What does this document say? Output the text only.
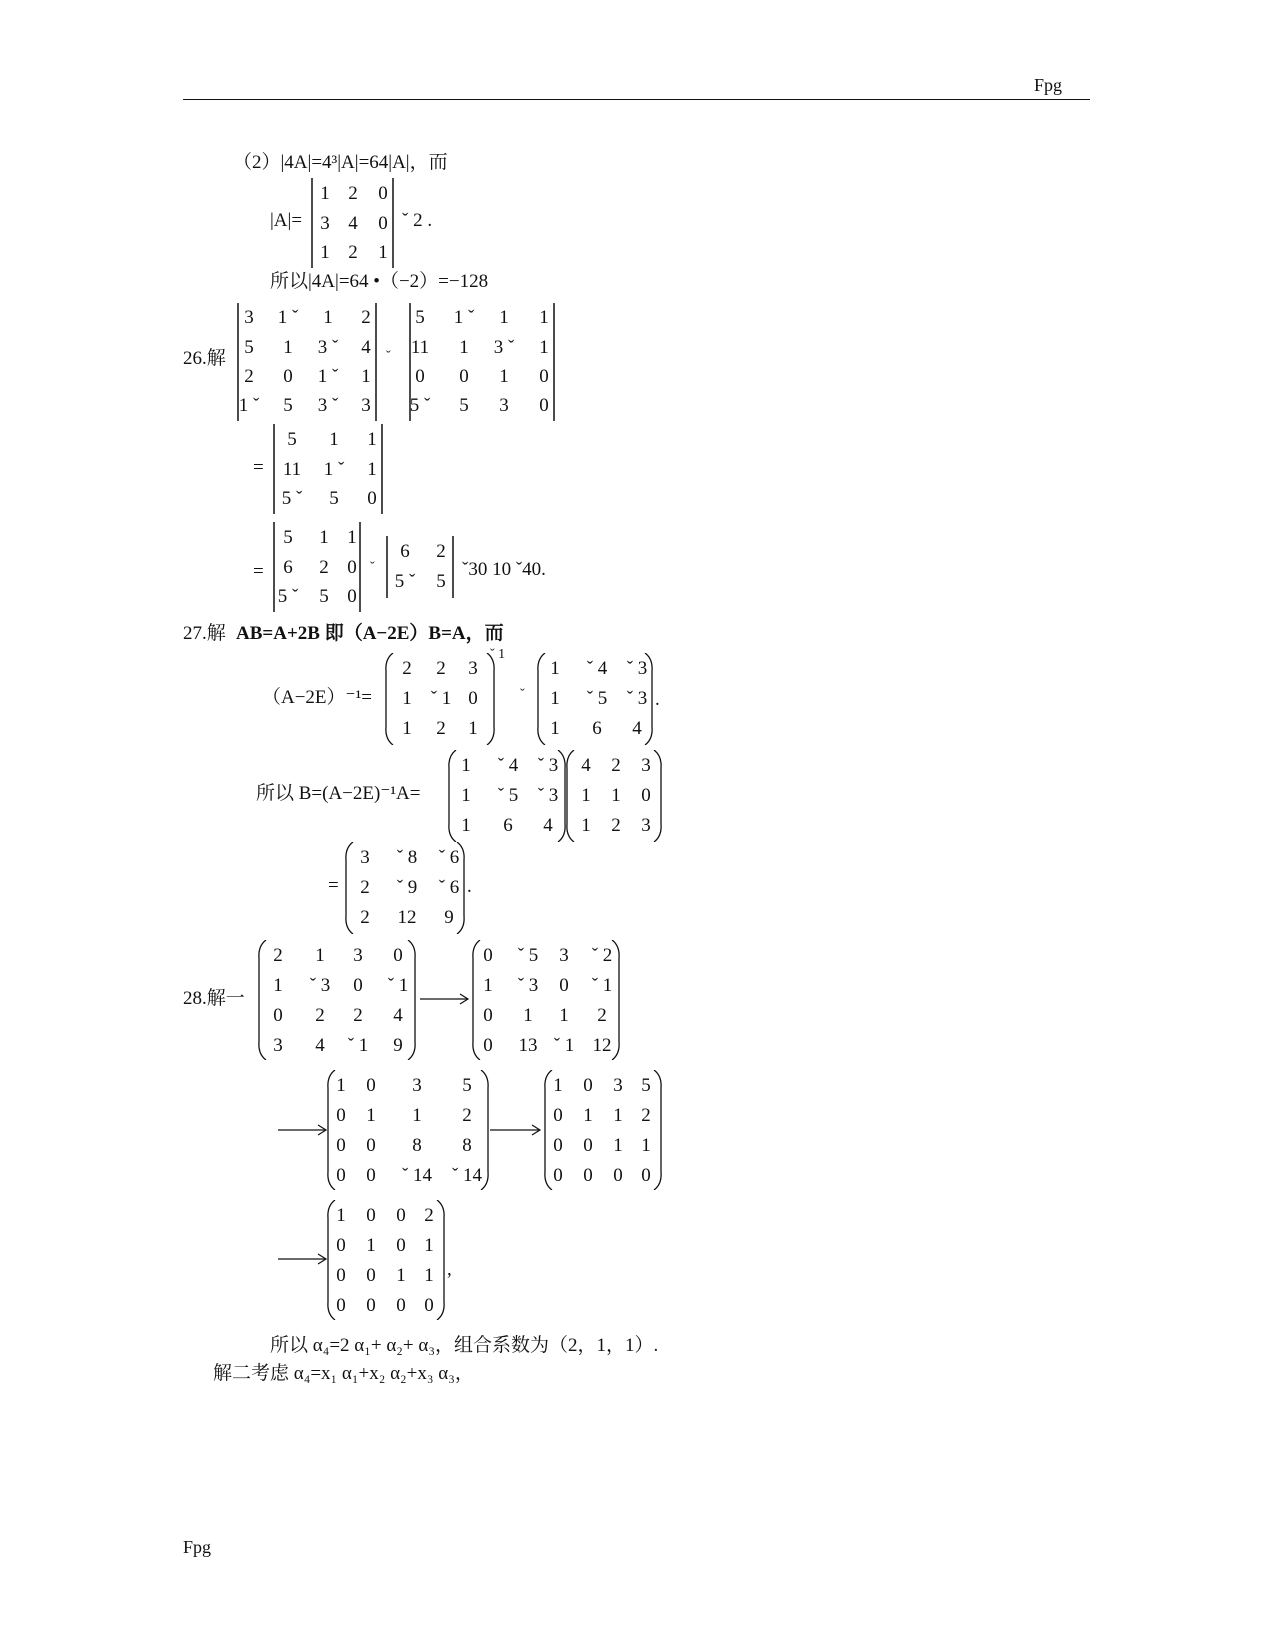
Fpg
（2）|4A|=4³|A|=64|A|，而
|A|=
1 2 0
3 4 0
1 2 1
ˇ 2 .
所以|4A|=64 •（−2）=−128
26.解
3 1 ˇ 1 2
5 1 3 ˇ 4
2 0 1 ˇ 1
1 ˇ 5 3 ˇ 3
ˇ
5 1 ˇ 1 1
11 1 3 ˇ 1
0 0 1 0
5 ˇ 5 3 0
=
5 1 1
11 1 ˇ 1
5 ˇ 5 0
=
5 1 1
6 2 0
5 ˇ 5 0
ˇ
6 2
5 ˇ 5
ˇ30 10 ˇ40.
27.解 AB=A+2B 即（A−2E）B=A，而
（A−2E）⁻¹=
2 2 3
1 ˇ 1 0
1 2 1
ˇ 1
ˇ
1 ˇ 4 ˇ 3
1 ˇ 5 ˇ 3
1 6 4
.
所以 B=(A−2E)⁻¹A=
1 ˇ 4 ˇ 3
1 ˇ 5 ˇ 3
1 6 4
4 2 3
1 1 0
1 2 3
=
3 ˇ 8 ˇ 6
2 ˇ 9 ˇ 6
2 12 9
.
28.解一
2 1 3 0
1 ˇ 3 0 ˇ 1
0 2 2 4
3 4 ˇ 1 9
0 ˇ 5 3 ˇ 2
1 ˇ 3 0 ˇ 1
0 1 1 2
0 13 ˇ 1 12
1 0 3 5
0 1 1 2
0 0 8 8
0 0 ˇ 14 ˇ 14
1 0 3 5
0 1 1 2
0 0 1 1
0 0 0 0
1 0 0 2
0 1 0 1
0 0 1 1
0 0 0 0
,
所以 α₄=2 α₁+ α₂+ α₃，组合系数为（2，1，1）.
解二考虑 α₄=x₁ α₁+x₂ α₂+x₃ α₃，
Fpg
